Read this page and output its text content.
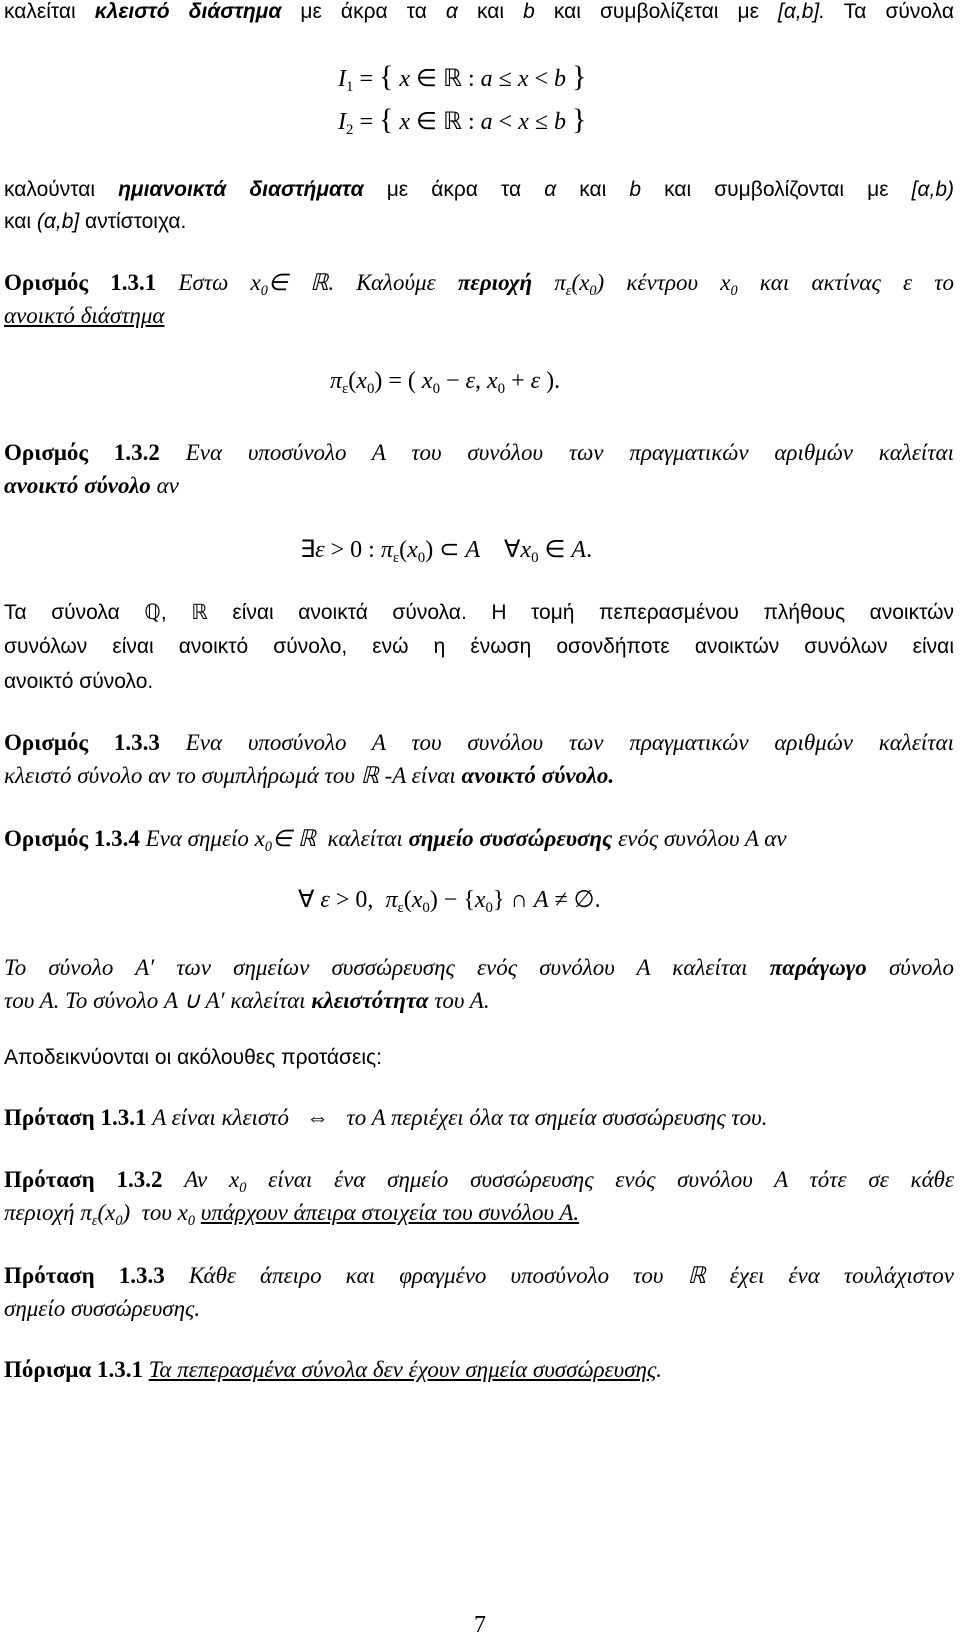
καλείται κλειστό διάστημα με άκρα τα α και b και συμβολίζεται με [α,b]. Τα σύνολα
$I_1$ = { x ∈ ℝ : a ≤ x < b }
$I_2$ = { x ∈ ℝ : a < x ≤ b }
καλούνται ημιανοικτά διαστήματα με άκρα τα α και b και συμβολίζονται με [α,b)
και (α,b] αντίστοιχα.
Ορισμός 1.3.1 Εστω $x_0\in$ ℝ. Καλούμε περιοχή $\pi_\varepsilon(x_0)$ κέντρου $x_0$ και ακτίνας ε το
ανοικτό διάστημα
$\pi_\varepsilon(x_0)$ = ( $x_0 - \varepsilon$, $x_0 + \varepsilon$ ).
Ορισμός 1.3.2 Ενα υποσύνολο Α του συνόλου των πραγματικών αριθμών καλείται
ανοικτό σύνολο αν
∃ε > 0 : $\pi_\varepsilon(x_0)$ ⊂ A    $\forall x_0$ ∈ A.
Τα σύνολα ℚ, ℝ είναι ανοικτά σύνολα. Η τομή πεπερασμένου πλήθους ανοικτών
συνόλων είναι ανοικτό σύνολο, ενώ η ένωση οσονδήποτε ανοικτών συνόλων είναι
ανοικτό σύνολο.
Ορισμός 1.3.3 Ενα υποσύνολο Α του συνόλου των πραγματικών αριθμών καλείται
κλειστό σύνολο αν το συμπλήρωμά του ℝ -Α είναι ανοικτό σύνολο.
Ορισμός 1.3.4 Ενα σημείο $x_0\in$ ℝ  καλείται σημείο συσσώρευσης ενός συνόλου Α αν
∀ ε > 0,  $\pi_\varepsilon(x_0) - \{x_0\}$ ∩ A ≠ ∅.
Το σύνολο Α′ των σημείων συσσώρευσης ενός συνόλου Α καλείται παράγωγο σύνολο
του Α. Το σύνολο A ∪ A′ καλείται κλειστότητα του Α.
Αποδεικνύονται οι ακόλουθες προτάσεις:
Πρόταση 1.3.1 Α είναι κλειστό   ⇔   το Α περιέχει όλα τα σημεία συσσώρευσης του.
Πρόταση 1.3.2 Αν $x_0$ είναι ένα σημείο συσσώρευσης ενός συνόλου Α τότε σε κάθε
περιοχή $\pi_\varepsilon(x_0)$  του $x_0$ υπάρχουν άπειρα στοιχεία του συνόλου Α.
Πρόταση 1.3.3 Κάθε άπειρο και φραγμένο υποσύνολο του ℝ έχει ένα τουλάχιστον
σημείο συσσώρευσης.
Πόρισμα 1.3.1 Τα πεπερασμένα σύνολα δεν έχουν σημεία συσσώρευσης.
7
